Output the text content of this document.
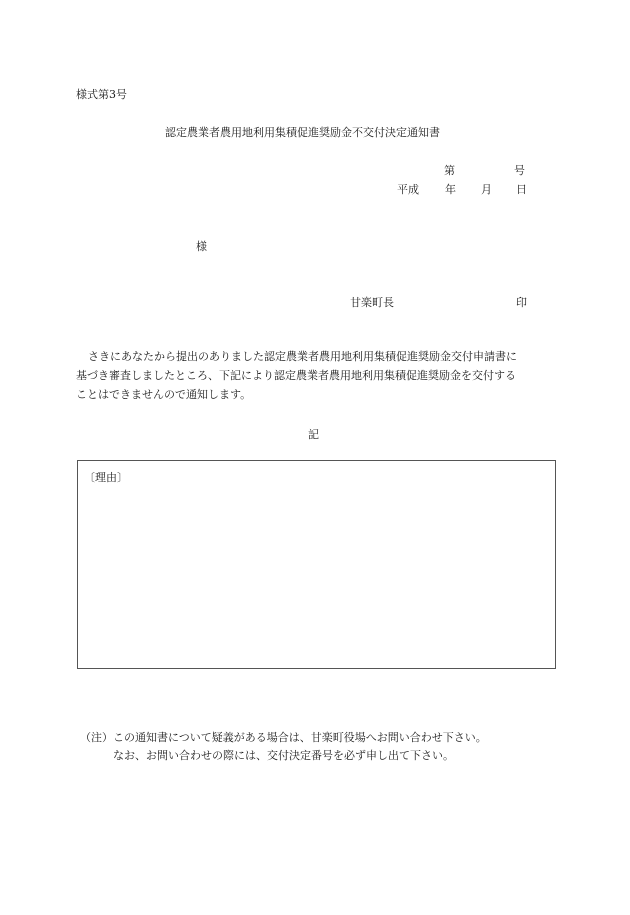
様式第3号
認定農業者農用地利用集積促進奨励金不交付決定通知書
第	号
平成 年 月 日
様
甘楽町長	印

さきにあなたから提出のありました認定農業者農用地利用集積促進奨励金交付申請書に

基づき審査しましたところ、下記により認定農業者農用地利用集積促進奨励金を交付する

ことはできませんので通知します。

記
〔理由〕
（注） この通知書について疑義がある場合は、甘楽町役場へお問い合わせ下さい。
なお、お問い合わせの際には、交付決定番号を必ず申し出て下さい。
